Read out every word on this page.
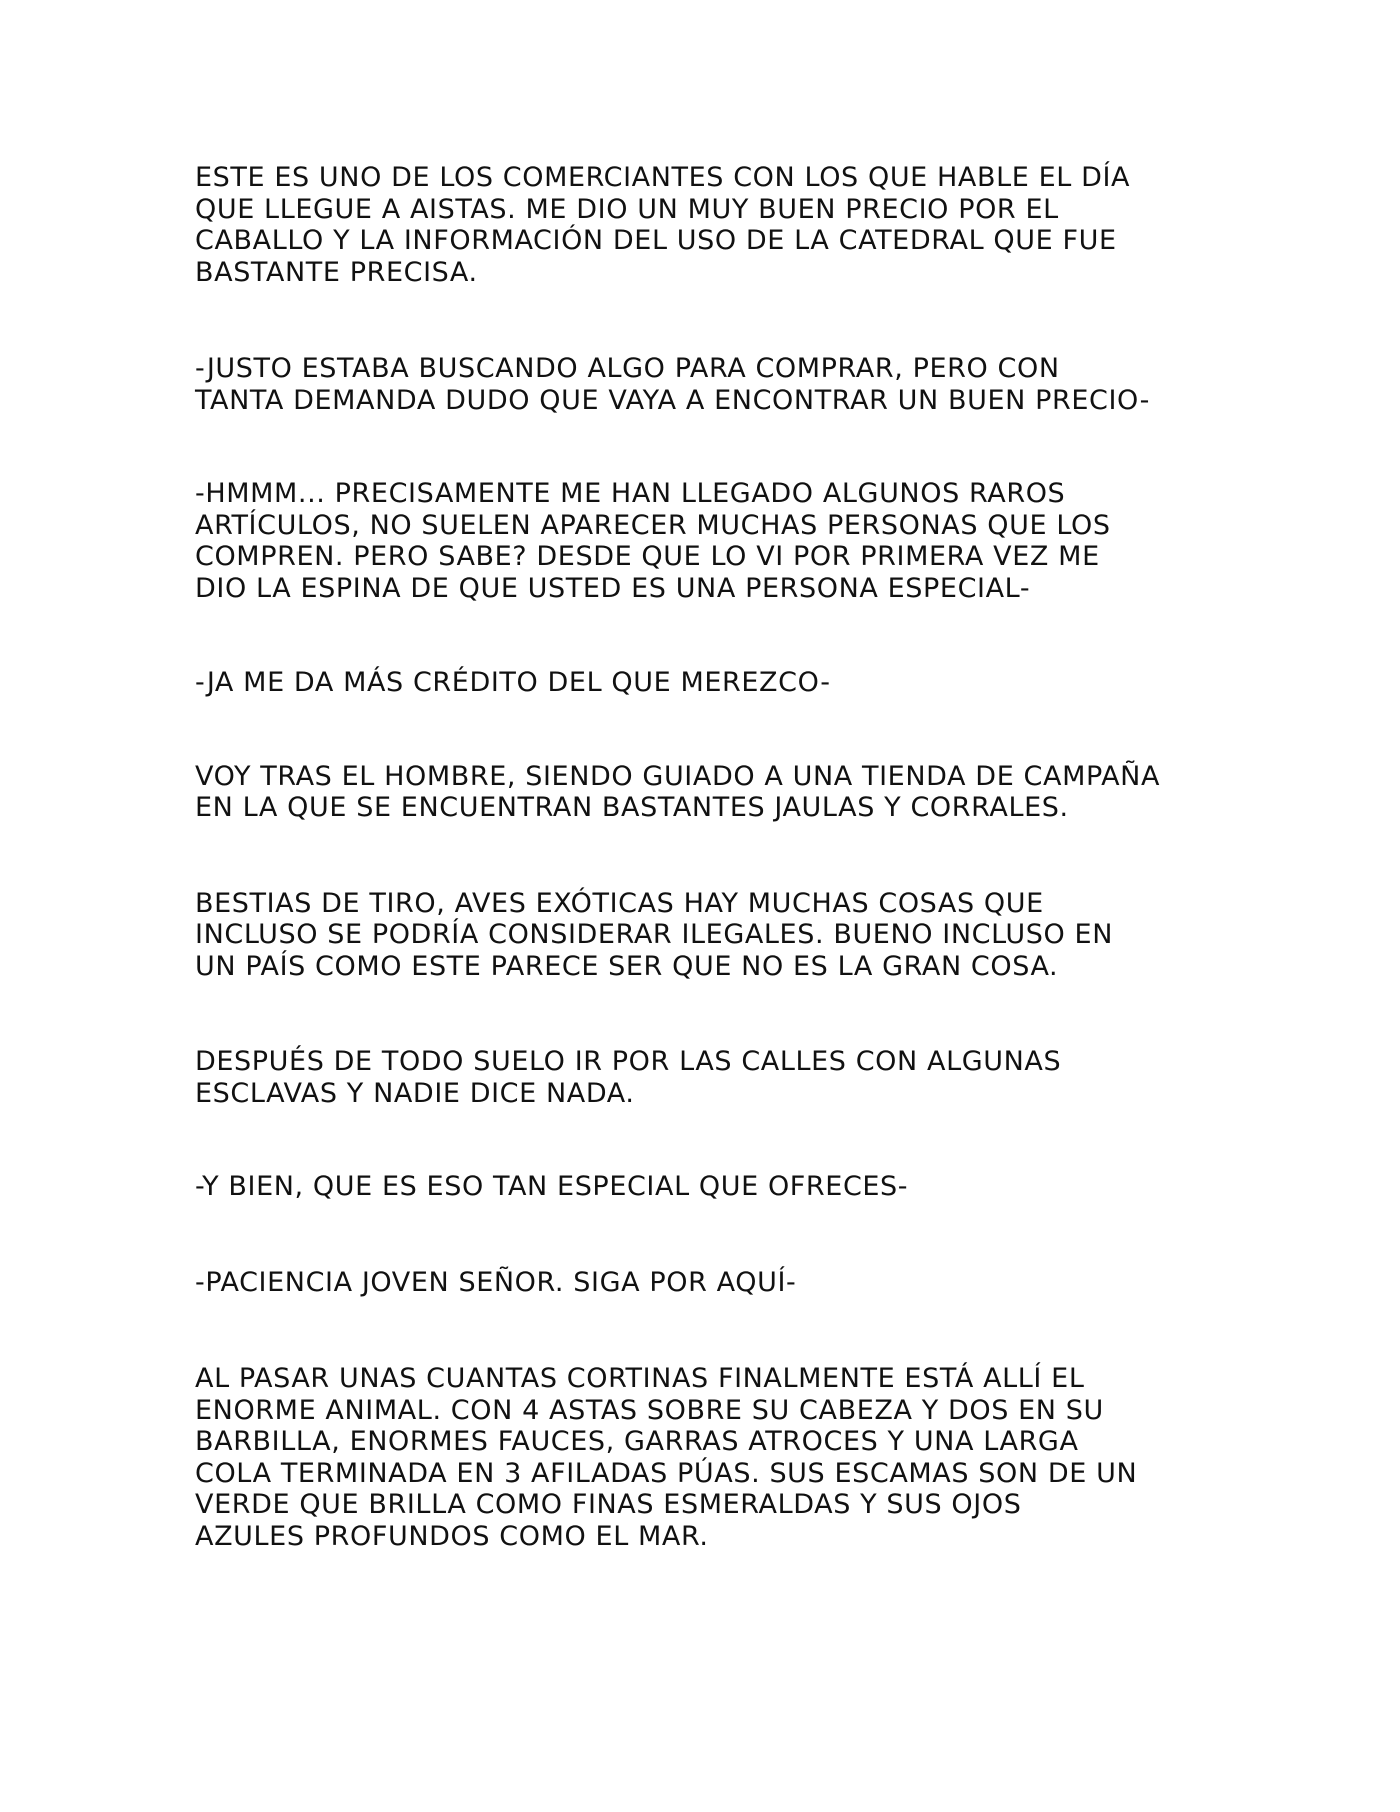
ESTE ES UNO DE LOS COMERCIANTES CON LOS QUE HABLE EL DÍA
QUE LLEGUE A AISTAS. ME DIO UN MUY BUEN PRECIO POR EL
CABALLO Y LA INFORMACIÓN DEL USO DE LA CATEDRAL QUE FUE
BASTANTE PRECISA.

-JUSTO ESTABA BUSCANDO ALGO PARA COMPRAR, PERO CON
TANTA DEMANDA DUDO QUE VAYA A ENCONTRAR UN BUEN PRECIO-

-HMMM... PRECISAMENTE ME HAN LLEGADO ALGUNOS RAROS
ARTÍCULOS, NO SUELEN APARECER MUCHAS PERSONAS QUE LOS
COMPREN. PERO SABE? DESDE QUE LO VI POR PRIMERA VEZ ME
DIO LA ESPINA DE QUE USTED ES UNA PERSONA ESPECIAL-

-JA ME DA MÁS CRÉDITO DEL QUE MEREZCO-

VOY TRAS EL HOMBRE, SIENDO GUIADO A UNA TIENDA DE CAMPAÑA
EN LA QUE SE ENCUENTRAN BASTANTES JAULAS Y CORRALES.

BESTIAS DE TIRO, AVES EXÓTICAS HAY MUCHAS COSAS QUE
INCLUSO SE PODRÍA CONSIDERAR ILEGALES. BUENO INCLUSO EN
UN PAÍS COMO ESTE PARECE SER QUE NO ES LA GRAN COSA.

DESPUÉS DE TODO SUELO IR POR LAS CALLES CON ALGUNAS
ESCLAVAS Y NADIE DICE NADA.

-Y BIEN, QUE ES ESO TAN ESPECIAL QUE OFRECES-

-PACIENCIA JOVEN SEÑOR. SIGA POR AQUÍ-

AL PASAR UNAS CUANTAS CORTINAS FINALMENTE ESTÁ ALLÍ EL
ENORME ANIMAL. CON 4 ASTAS SOBRE SU CABEZA Y DOS EN SU
BARBILLA, ENORMES FAUCES, GARRAS ATROCES Y UNA LARGA
COLA TERMINADA EN 3 AFILADAS PÚAS. SUS ESCAMAS SON DE UN
VERDE QUE BRILLA COMO FINAS ESMERALDAS Y SUS OJOS
AZULES PROFUNDOS COMO EL MAR.
